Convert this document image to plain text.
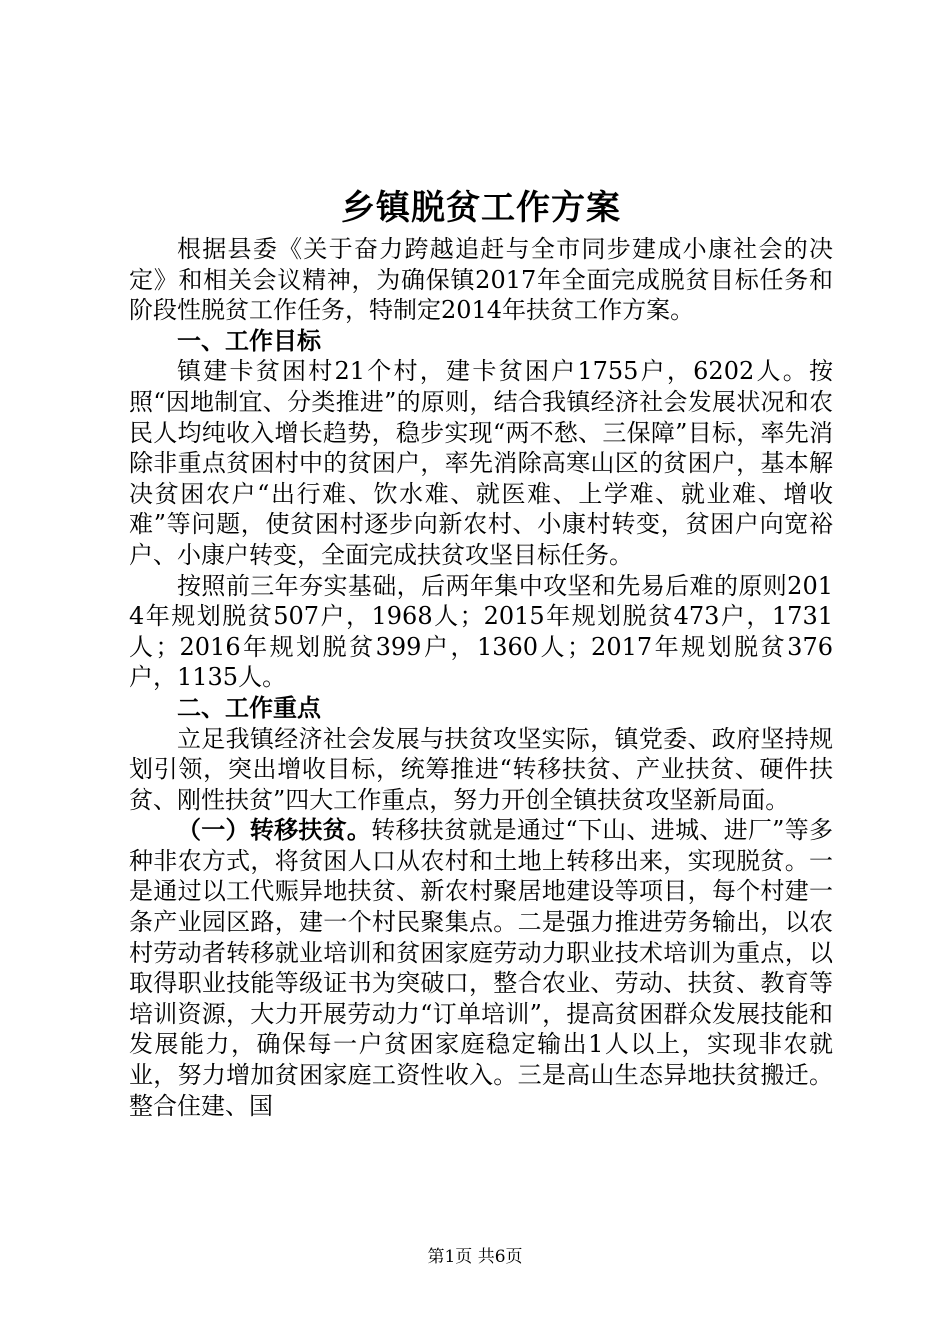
乡镇脱贫工作方案

根据县委《关于奋力跨越追赶与全市同步建成小康社会的决定》和相关会议精神，为确保镇2017年全面完成脱贫目标任务和阶段性脱贫工作任务，特制定2014年扶贫工作方案。

一、工作目标

镇建卡贫困村21个村，建卡贫困户1755户，6202人。按照“因地制宜、分类推进”的原则，结合我镇经济社会发展状况和农民人均纯收入增长趋势，稳步实现“两不愁、三保障”目标，率先消除非重点贫困村中的贫困户，率先消除高寒山区的贫困户，基本解决贫困农户“出行难、饮水难、就医难、上学难、就业难、增收难”等问题，使贫困村逐步向新农村、小康村转变，贫困户向宽裕户、小康户转变，全面完成扶贫攻坚目标任务。

按照前三年夯实基础，后两年集中攻坚和先易后难的原则2014年规划脱贫507户，1968人；2015年规划脱贫473户，1731人；2016年规划脱贫399户，1360人；2017年规划脱贫376户，1135人。

二、工作重点

立足我镇经济社会发展与扶贫攻坚实际，镇党委、政府坚持规划引领，突出增收目标，统筹推进“转移扶贫、产业扶贫、硬件扶贫、刚性扶贫”四大工作重点，努力开创全镇扶贫攻坚新局面。

（一）转移扶贫。转移扶贫就是通过“下山、进城、进厂”等多种非农方式，将贫困人口从农村和土地上转移出来，实现脱贫。一是通过以工代赈异地扶贫、新农村聚居地建设等项目，每个村建一条产业园区路，建一个村民聚集点。二是强力推进劳务输出，以农村劳动者转移就业培训和贫困家庭劳动力职业技术培训为重点，以取得职业技能等级证书为突破口，整合农业、劳动、扶贫、教育等培训资源，大力开展劳动力“订单培训”，提高贫困群众发展技能和发展能力，确保每一户贫困家庭稳定输出1人以上，实现非农就业，努力增加贫困家庭工资性收入。三是高山生态异地扶贫搬迁。整合住建、国

第1页 共6页
